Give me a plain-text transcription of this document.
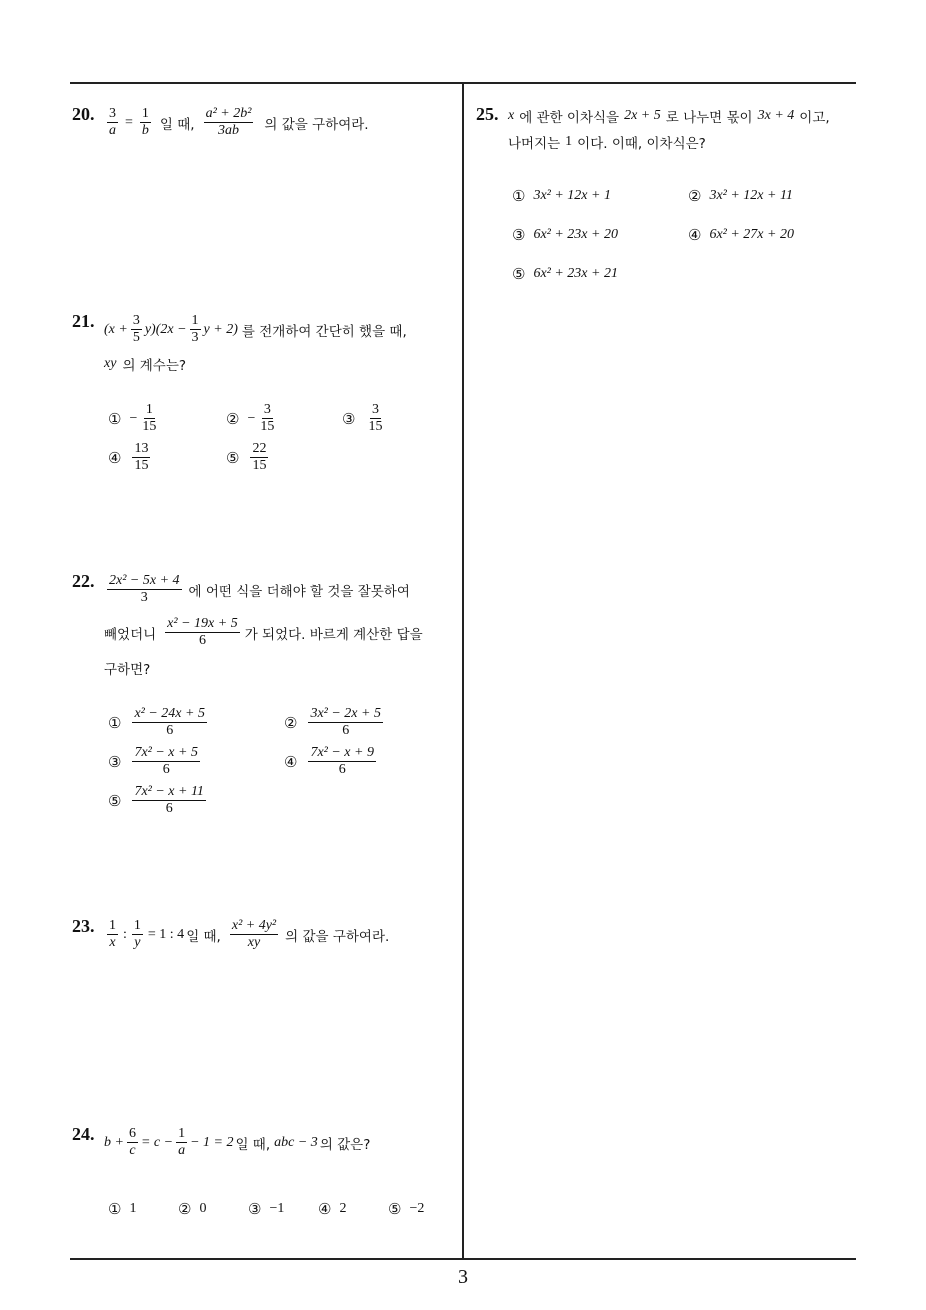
20. $\frac{3}{a} = \frac{1}{b}$ 일 때, $\frac{\text{a² + 2b²}}{3ab}$ 의 값을 구하여라.
21. $(x + \frac{3}{5} y)(2x - \frac{1}{3}$ y + 2) 를 전개하여 간단히 했을 때,
xy 의 계수는?
① − $\frac{1}{15}$	② − $\frac{3}{15}$	③ $\frac{3}{15}$
④ $\frac{13}{15}$	⑤ $\frac{22}{15}$
22. $\frac{\text{2x² − 5x + 4}}{3}$ 에 어떤 식을 더해야 할 것을 잘못하여
빼었더니 $\frac{\text{x² − 19x + 5}}{6}$ 가 되었다. 바르게 계산한 답을
구하면?
① $\frac{\text{x² − 24x + 5}}{6}$	② $\frac{\text{3x² − 2x + 5}}{6}$
③ $\frac{\text{7x² − x + 5}}{6}$	④ $\frac{\text{7x² − x + 9}}{6}$
⑤ $\frac{\text{7x² − x + 11}}{6}$
23. $\frac{1}{x}$ : $\frac{1}{y} = 1$ : 4 일 때, $\frac{\text{x² + 4y²}}{xy}$ 의 값을 구하여라.
24. $b + \frac{6}{c} = c - \frac{1}{a} - 1 = 2$ 일 때, abc − 3 의 값은?
① 1	② 0	③ −1 ④ 2	⑤ −2
25. x 에 관한 이차식을 2x + 5 로 나누면 몫이 3x + 4 이고,
나머지는 1 이다. 이때, 이차식은?
① 3x² + 12x + 1	② 3x² + 12x + 11
③ 6x² + 23x + 20	④ 6x² + 27x + 20
⑤ 6x² + 23x + 21
3
